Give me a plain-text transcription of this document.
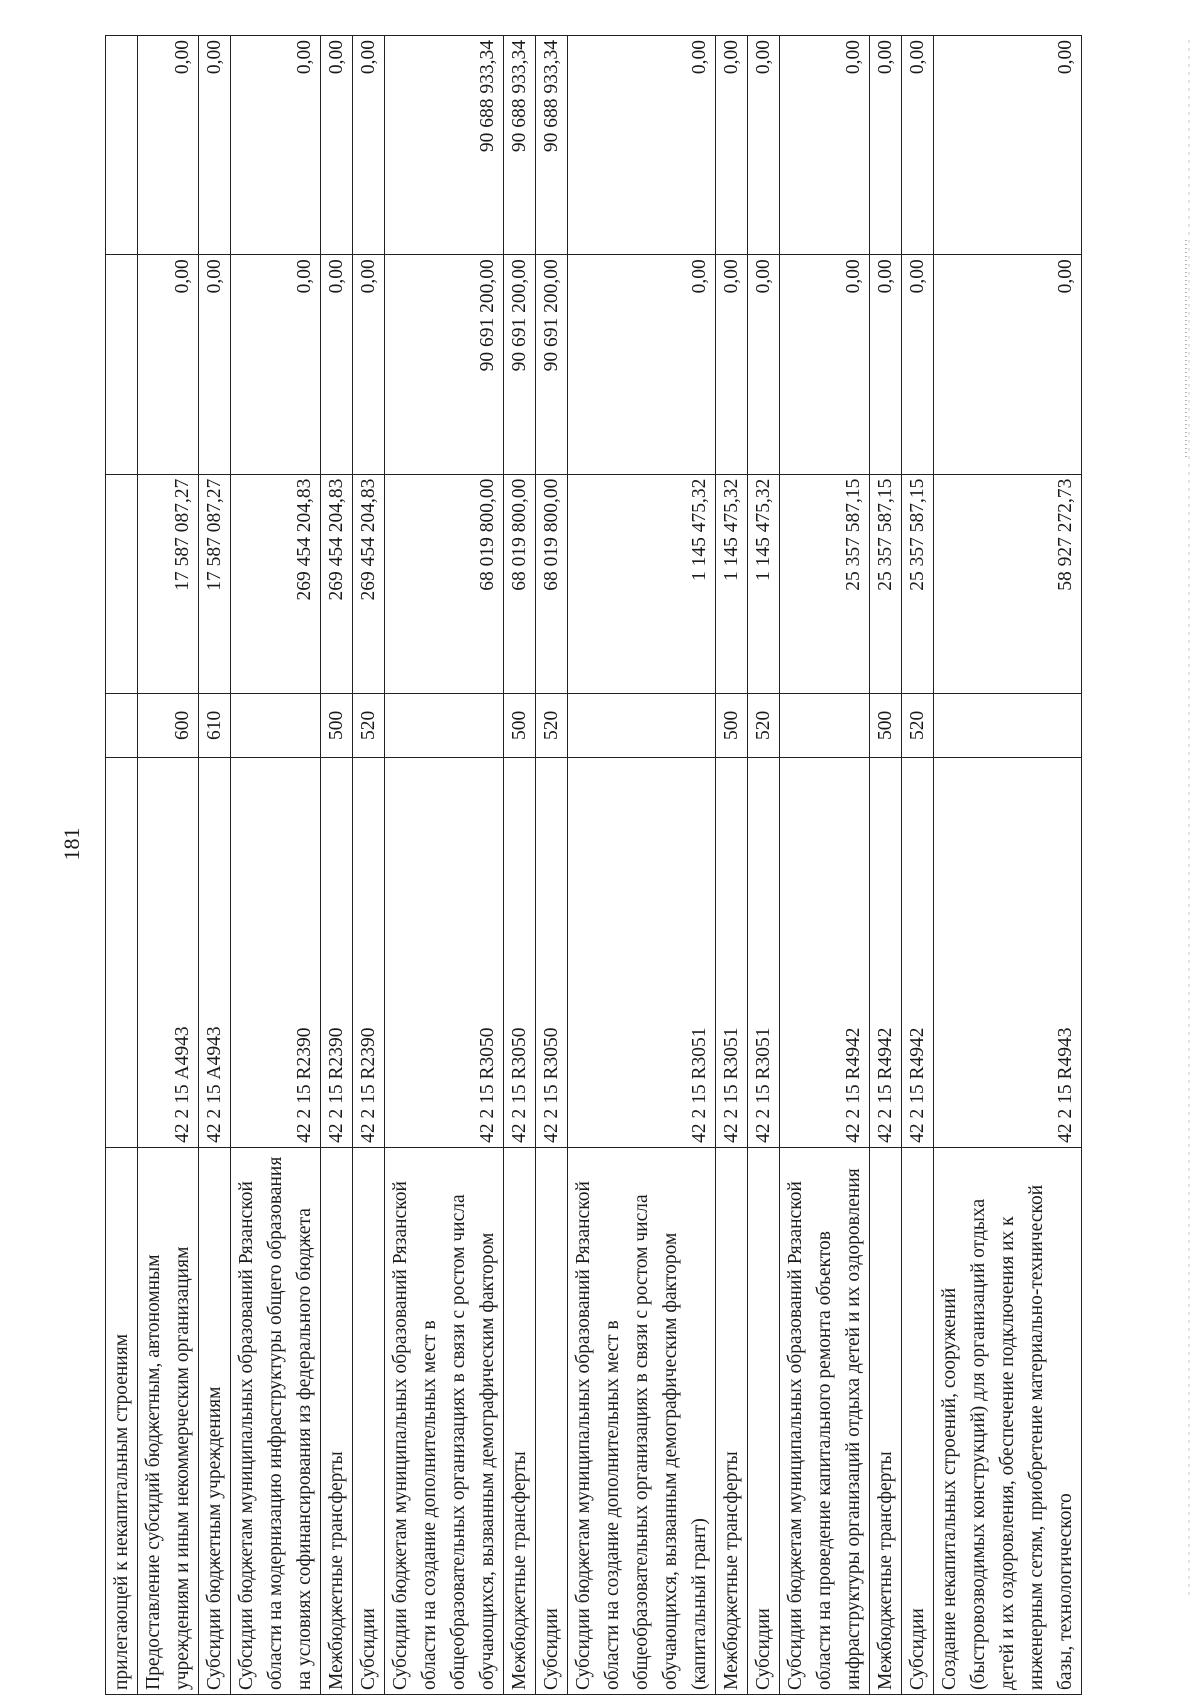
181
прилегающей к некапитальным строениям					
Предоставление субсидий бюджетным, автономным учреждениям и иным некоммерческим организациям	42 2 15 А4943	600	17 587 087,27	0,00	0,00
Субсидии бюджетным учреждениям	42 2 15 А4943	610	17 587 087,27	0,00	0,00
Субсидии бюджетам муниципальных образований Рязанской области на модернизацию инфраструктуры общего образования на условиях софинансирования из федерального бюджета	42 2 15 R2390		269 454 204,83	0,00	0,00
Межбюджетные трансферты	42 2 15 R2390	500	269 454 204,83	0,00	0,00
Субсидии	42 2 15 R2390	520	269 454 204,83	0,00	0,00
Субсидии бюджетам муниципальных образований Рязанской области на создание дополнительных мест в общеобразовательных организациях в связи с ростом числа обучающихся, вызванным демографическим фактором	42 2 15 R3050		68 019 800,00	90 691 200,00	90 688 933,34
Межбюджетные трансферты	42 2 15 R3050	500	68 019 800,00	90 691 200,00	90 688 933,34
Субсидии	42 2 15 R3050	520	68 019 800,00	90 691 200,00	90 688 933,34
Субсидии бюджетам муниципальных образований Рязанской области на создание дополнительных мест в общеобразовательных организациях в связи с ростом числа обучающихся, вызванным демографическим фактором (капитальный грант)	42 2 15 R3051		1 145 475,32	0,00	0,00
Межбюджетные трансферты	42 2 15 R3051	500	1 145 475,32	0,00	0,00
Субсидии	42 2 15 R3051	520	1 145 475,32	0,00	0,00
Субсидии бюджетам муниципальных образований Рязанской области на проведение капитального ремонта объектов инфраструктуры организаций отдыха детей и их оздоровления	42 2 15 R4942		25 357 587,15	0,00	0,00
Межбюджетные трансферты	42 2 15 R4942	500	25 357 587,15	0,00	0,00
Субсидии	42 2 15 R4942	520	25 357 587,15	0,00	0,00
Создание некапитальных строений, сооружений (быстровозводимых конструкций) для организаций отдыха детей и их оздоровления, обеспечение подключения их к инженерным сетям, приобретение материально-технической базы, технологического	42 2 15 R4943		58 927 272,73	0,00	0,00
